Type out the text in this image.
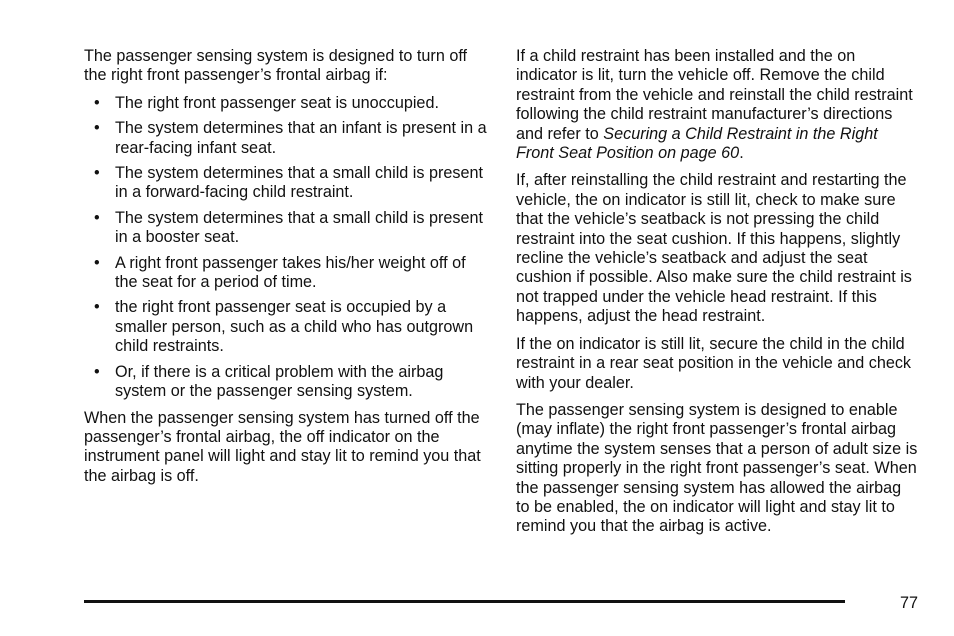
The passenger sensing system is designed to turn off the right front passenger’s frontal airbag if:

• The right front passenger seat is unoccupied.
• The system determines that an infant is present in a rear-facing infant seat.
• The system determines that a small child is present in a forward-facing child restraint.
• The system determines that a small child is present in a booster seat.
• A right front passenger takes his/her weight off of the seat for a period of time.
• the right front passenger seat is occupied by a smaller person, such as a child who has outgrown child restraints.
• Or, if there is a critical problem with the airbag system or the passenger sensing system.

When the passenger sensing system has turned off the passenger’s frontal airbag, the off indicator on the instrument panel will light and stay lit to remind you that the airbag is off.

If a child restraint has been installed and the on indicator is lit, turn the vehicle off. Remove the child restraint from the vehicle and reinstall the child restraint following the child restraint manufacturer’s directions and refer to Securing a Child Restraint in the Right Front Seat Position on page 60.

If, after reinstalling the child restraint and restarting the vehicle, the on indicator is still lit, check to make sure that the vehicle’s seatback is not pressing the child restraint into the seat cushion. If this happens, slightly recline the vehicle’s seatback and adjust the seat cushion if possible. Also make sure the child restraint is not trapped under the vehicle head restraint. If this happens, adjust the head restraint.

If the on indicator is still lit, secure the child in the child restraint in a rear seat position in the vehicle and check with your dealer.

The passenger sensing system is designed to enable (may inflate) the right front passenger’s frontal airbag anytime the system senses that a person of adult size is sitting properly in the right front passenger’s seat. When the passenger sensing system has allowed the airbag to be enabled, the on indicator will light and stay lit to remind you that the airbag is active.

77
